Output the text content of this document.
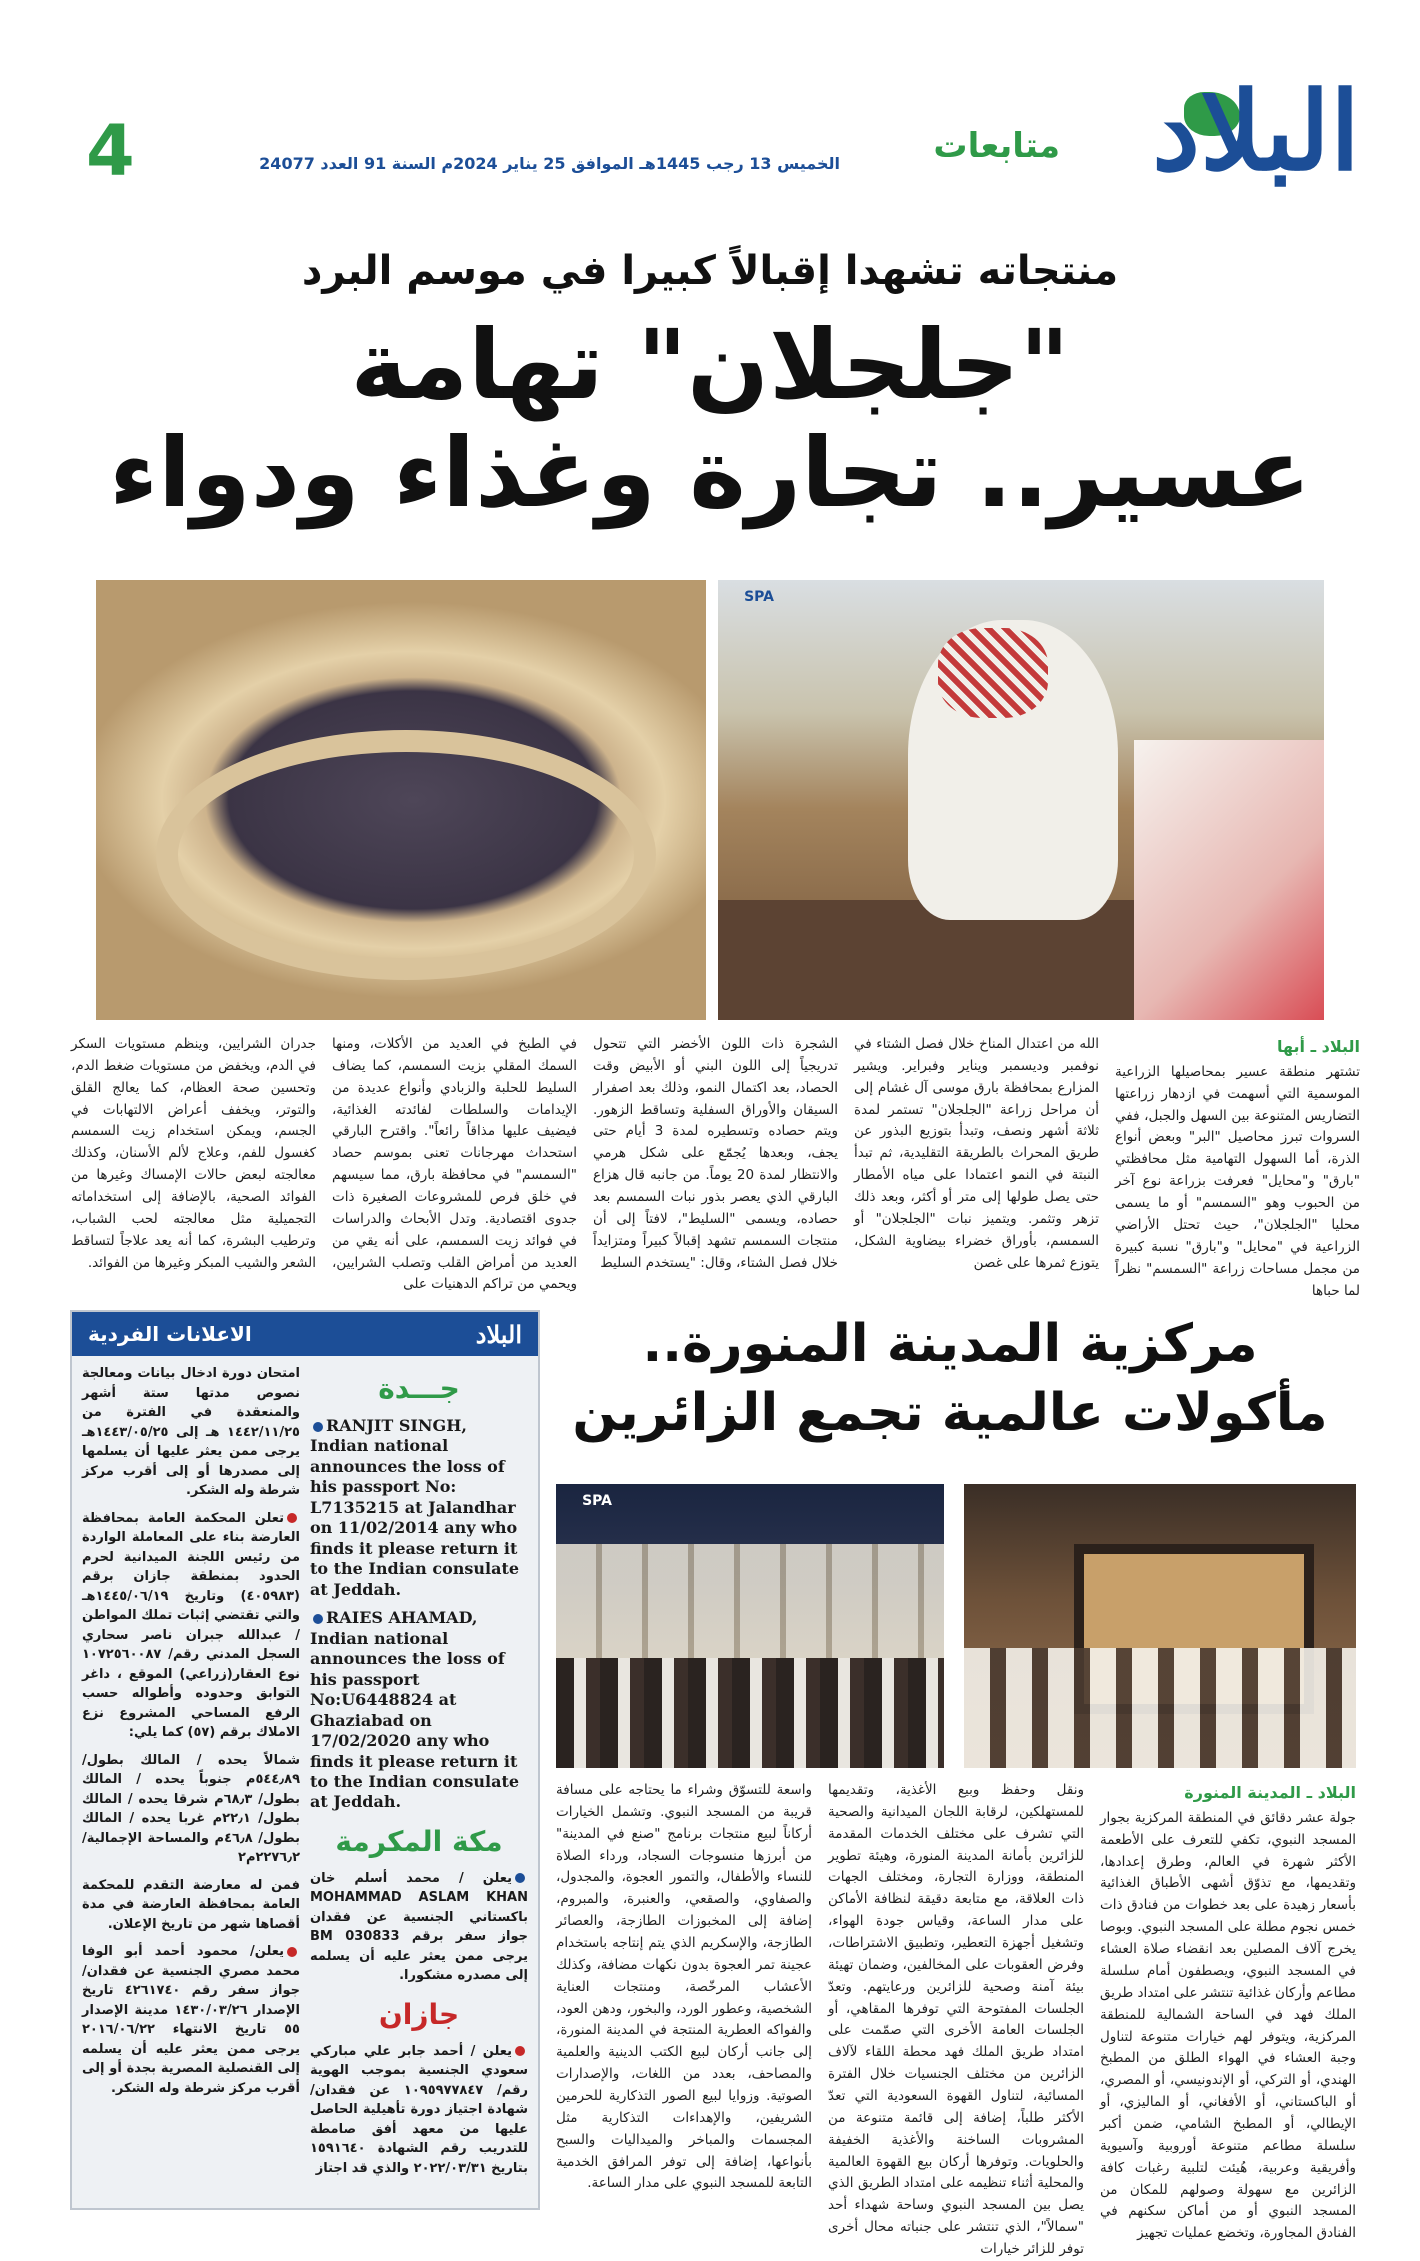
البلاد
متابعات
الخميس 13 رجب 1445هـ الموافق 25 يناير 2024م السنة 91 العدد 24077
4
منتجاته تشهدا إقبالاً كبيرا في موسم البرد
"جلجلان" تهامة
عسير.. تجارة وغذاء ودواء
SPA
البلاد ـ أبها
تشتهر منطقة عسير بمحاصيلها الزراعية الموسمية التي أسهمت في ازدهار زراعتها التضاريس المتنوعة بين السهل والجبل، ففي السروات تبرز محاصيل "البر" وبعض أنواع الذرة، أما السهول التهامية مثل محافظتي "بارق" و"محايل" فعرفت بزراعة نوع آخر من الحبوب وهو "السمسم" أو ما يسمى محليا "الجلجلان"، حيث تحتل الأراضي الزراعية في "محايل" و"بارق" نسبة كبيرة من مجمل مساحات زراعة "السمسم" نظراً لما حباها
الله من اعتدال المناخ خلال فصل الشتاء في نوفمبر وديسمبر ويناير وفبراير. ويشير المزارع بمحافظة بارق موسى آل غشام إلى أن مراحل زراعة "الجلجلان" تستمر لمدة ثلاثة أشهر ونصف، وتبدأ بتوزيع البذور عن طريق المحراث بالطريقة التقليدية، ثم تبدأ النبتة في النمو اعتمادا على مياه الأمطار حتى يصل طولها إلى متر أو أكثر، وبعد ذلك تزهر وتثمر. ويتميز نبات "الجلجلان" أو السمسم، بأوراق خضراء بيضاوية الشكل، يتوزع ثمرها على غصن
الشجرة ذات اللون الأخضر التي تتحول تدريجياً إلى اللون البني أو الأبيض وقت الحصاد، بعد اكتمال النمو، وذلك بعد اصفرار السيقان والأوراق السفلية وتساقط الزهور. ويتم حصاده وتسطيره لمدة 3 أيام حتى يجف، وبعدها يُجمّع على شكل هرمي والانتظار لمدة 20 يوماً. من جانبه قال هزاع البارقي الذي يعصر بذور نبات السمسم بعد حصاده، ويسمى "السليط"، لافتاً إلى أن منتجات السمسم تشهد إقبالاً كبيراً ومتزايداً خلال فصل الشتاء، وقال: "يستخدم السليط
في الطبخ في العديد من الأكلات، ومنها السمك المقلي بزيت السمسم، كما يضاف السليط للحلبة والزبادي وأنواع عديدة من الإيدامات والسلطات لفائدته الغذائية، فيضيف عليها مذاقاً رائعاً". واقترح البارقي استحداث مهرجانات تعنى بموسم حصاد "السمسم" في محافظة بارق، مما سيسهم في خلق فرص للمشروعات الصغيرة ذات جدوى اقتصادية. وتدل الأبحاث والدراسات في فوائد زيت السمسم، على أنه يقي من العديد من أمراض القلب وتصلب الشرايين، ويحمي من تراكم الدهنيات على
جدران الشرايين، وينظم مستويات السكر في الدم، ويخفض من مستويات ضغط الدم، وتحسين صحة العظام، كما يعالج القلق والتوتر، ويخفف أعراض الالتهابات في الجسم، ويمكن استخدام زيت السمسم كغسول للفم، وعلاج لألم الأسنان، وكذلك معالجته لبعض حالات الإمساك وغيرها من الفوائد الصحية، بالإضافة إلى استخداماته التجميلية مثل معالجته لحب الشباب، وترطيب البشرة، كما أنه يعد علاجاً لتساقط الشعر والشيب المبكر وغيرها من الفوائد.
مركزية المدينة المنورة..
مأكولات عالمية تجمع الزائرين
SPA
البلاد ـ المدينة المنورة
جولة عشر دقائق في المنطقة المركزية بجوار المسجد النبوي، تكفي للتعرف على الأطعمة الأكثر شهرة في العالم، وطرق إعدادها، وتقديمها، مع تذوّق أشهى الأطباق الغذائية بأسعار زهيدة على بعد خطوات من فنادق ذات خمس نجوم مطلة على المسجد النبوي. وبوصا يخرج آلاف المصلين بعد انقضاء صلاة العشاء في المسجد النبوي، ويصطفون أمام سلسلة مطاعم وأركان غذائية تنتشر على امتداد طريق الملك فهد في الساحة الشمالية للمنطقة المركزية، ويتوفر لهم خيارات متنوعة لتناول وجبة العشاء في الهواء الطلق من المطبخ الهندي، أو التركي، أو الإندونيسي، أو المصري، أو الباكستاني، أو الأفغاني، أو الماليزي، أو الإيطالي، أو المطبخ الشامي، ضمن أكبر سلسلة مطاعم متنوعة أوروبية وآسيوية وأفريقية وعربية، هُيئت لتلبية رغبات كافة الزائرين مع سهولة وصولهم للمكان من المسجد النبوي أو من أماكن سكنهم في الفنادق المجاورة، وتخضع عمليات تجهيز
ونقل وحفظ وبيع الأغذية، وتقديمها للمستهلكين، لرقابة اللجان الميدانية والصحية التي تشرف على مختلف الخدمات المقدمة للزائرين بأمانة المدينة المنورة، وهيئة تطوير المنطقة، ووزارة التجارة، ومختلف الجهات ذات العلاقة، مع متابعة دقيقة لنظافة الأماكن على مدار الساعة، وقياس جودة الهواء، وتشغيل أجهزة التعطير، وتطبيق الاشتراطات، وفرض العقوبات على المخالفين، وضمان تهيئة بيئة آمنة وصحية للزائرين ورعايتهم. وتعدّ الجلسات المفتوحة التي توفرها المقاهي، أو الجلسات العامة الأخرى التي صمّمت على امتداد طريق الملك فهد محطة اللقاء لآلاف الزائرين من مختلف الجنسيات خلال الفترة المسائية، لتناول القهوة السعودية التي تعدّ الأكثر طلباً، إضافة إلى قائمة متنوعة من المشروبات الساخنة والأغذية الخفيفة والحلويات. وتوفرها أركان بيع القهوة العالمية والمحلية أثناء تنظيمه على امتداد الطريق الذي يصل بين المسجد النبوي وساحة شهداء أحد "سمالاً"، الذي تنتشر على جنباته محال أخرى توفر للزائر خيارات
واسعة للتسوّق وشراء ما يحتاجه على مسافة قريبة من المسجد النبوي. وتشمل الخيارات أركاناً لبيع منتجات برنامج "صنع في المدينة" من أبرزها منسوجات السجاد، ورداء الصلاة للنساء والأطفال، والتمور العجوة، والمجدول، والصفاوي، والصقعي، والعنبرة، والمبروم، إضافة إلى المخبوزات الطازجة، والعصائر الطازجة، والإسكريم الذي يتم إنتاجه باستخدام عجينة تمر العجوة بدون نكهات مضافة، وكذلك الأعشاب المرخّصة، ومنتجات العناية الشخصية، وعطور الورد، والبخور، ودهن العود، والفواكه العطرية المنتجة في المدينة المنورة، إلى جانب أركان لبيع الكتب الدينية والعلمية والمصاحف، بعدد من اللغات، والإصدارات الصوتية. وزوايا لبيع الصور التذكارية للحرمين الشريفين، والإهداءات التذكارية مثل المجسمات والمباخر والميداليات والسبح بأنواعها، إضافة إلى توفر المرافق الخدمية التابعة للمسجد النبوي على مدار الساعة.
البلاد
الاعلانات الفردية
جـــدة
RANJIT SINGH, Indian national announces the loss of his passport No: L7135215 at Jalandhar on 11/02/2014 any who finds it please return it to the Indian consulate at Jeddah.
RAIES AHAMAD, Indian national announces the loss of his passport No:U6448824 at Ghaziabad on 17/02/2020 any who finds it please return it to the Indian consulate at Jeddah.
مكة المكرمة
يعلن / محمد أسلم خان MOHAMMAD ASLAM KHAN باكستاني الجنسية عن فقدان جواز سفر برقم BM 030833 يرجى ممن يعثر عليه أن يسلمه إلى مصدره مشكورا.
جازان
يعلن / أحمد جابر علي مباركي سعودي الجنسية بموجب الهوية رقم/ ١٠٩٥٩٧٧٨٤٧ عن فقدان/ شهادة اجتياز دورة تأهيلية الحاصل عليها من معهد أفق صامطة للتدريب رقم الشهادة ١٥٩١٦٤٠ بتاريخ ٢٠٢٢/٠٣/٣١ والذي قد اجتاز
امتحان دورة ادخال بيانات ومعالجة نصوص مدتها ستة أشهر والمنعقدة في الفترة من ١٤٤٢/١١/٢٥ هـ إلى ١٤٤٣/٠٥/٢٥هـ يرجى ممن يعثر عليها أن يسلمها إلى مصدرها أو إلى أقرب مركز شرطة وله الشكر.
تعلن المحكمة العامة بمحافظة العارضة بناء على المعاملة الواردة من رئيس اللجنة الميدانية لحرم الحدود بمنطقة جازان برقم (٤٠٥٩٨٣) وتاريخ ١٤٤٥/٠٦/١٩هـ والتي تقتضي إثبات تملك المواطن / عبدالله جبران ناصر سحاري السجل المدني رقم/ ١٠٧٢٥٦٠٠٨٧ نوع العقار(زراعي) الموقع ، داغر التوابق وحدوده وأطواله حسب الرفع المساحي المشروع نزع الاملاك برقم (٥٧) كما يلي:
شمالاً يحده / المالك بطول/ ٥٤٤٫٨٩م جنوباً يحده / المالك بطول/ ٦٨٫٣م شرقا يحده / المالك بطول/ ٢٢٫١م غربا يحده / المالك بطول/ ٤٦٫٨م والمساحة الإجمالية/ ٢٢٧٦٫٢م٢
فمن له معارضة التقدم للمحكمة العامة بمحافظة العارضة في مدة أقصاها شهر من تاريخ الإعلان.
يعلن/ محمود أحمد أبو الوفا محمد مصري الجنسية عن فقدان/ جواز سفر رقم ٤٢٦١٧٤٠ تاريخ الإصدار ١٤٣٠/٠٣/٢٦ مدينة الإصدار ٥٥ تاريخ الانتهاء ٢٠١٦/٠٦/٢٢ يرجى ممن يعثر عليه أن يسلمه إلى القنصلية المصرية بجدة أو إلى أقرب مركز شرطة وله الشكر.
